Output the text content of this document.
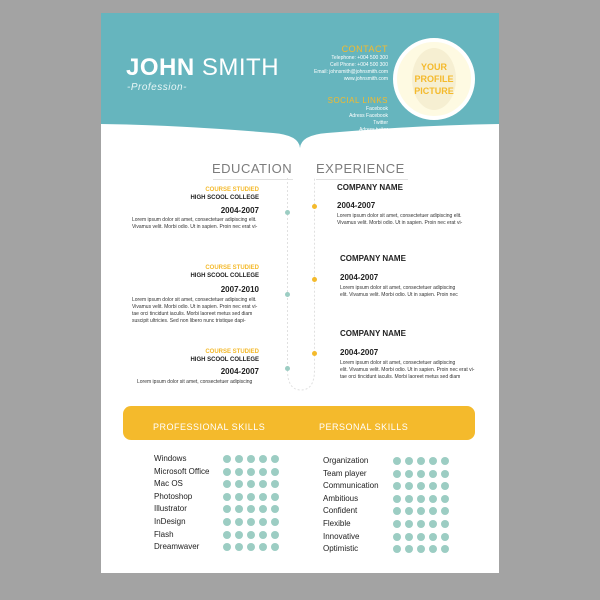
JOHN SMITH
-Profession-
CONTACT
Telephone: +004 500 300
Cell Phone: +004 500 300
Email: johnsmith@johnsmith.com
www.johnsmith.com
SOCIAL LINKS
Facebook
Adress Facebook
Twitter
Adress twiter
YOUR
PROFILE
PICTURE
EDUCATION EXPERIENCE
COURSE STUDIED
HIGH SCOOL COLLEGE
2004-2007
Lorem ipsum dolor sit amet, consectetuer adipiscing elit.
Vivamus velit. Morbi odio. Ut in sapien. Proin nec erat vi-
COURSE STUDIED
HIGH SCOOL COLLEGE
2007-2010
Lorem ipsum dolor sit amet, consectetuer adipiscing elit.
Vivamus velit. Morbi odio. Ut in sapien. Proin nec erat vi-
tae orci tincidunt iaculis. Morbi laoreet metus sed diam
suscipit ultricies. Sed non libero nunc tristique dapi-
COURSE STUDIED
HIGH SCOOL COLLEGE
2004-2007
Lorem ipsum dolor sit amet, consectetuer adipiscing
COMPANY NAME
2004-2007
Lorem ipsum dolor sit amet, consectetuer adipiscing elit.
Vivamus velit. Morbi odio. Ut in sapien. Proin nec erat vi-
COMPANY NAME
2004-2007
Lorem ipsum dolor sit amet, consectetuer adipiscing
elit. Vivamus velit. Morbi odio. Ut in sapien. Proin nec
COMPANY NAME
2004-2007
Lorem ipsum dolor sit amet, consectetuer adipiscing
elit. Vivamus velit. Morbi odio. Ut in sapien. Proin nec erat vi-
tae orci tincidunt iaculis. Morbi laoreet metus sed diam
PROFESSIONAL SKILLS	PERSONAL SKILLS
Windows
Microsoft Office
Mac OS
Photoshop
Illustrator
InDesign
Flash
Dreamwaver
Organization
Team player
Communication
Ambitious
Confident
Flexible
Innovative
Optimistic
